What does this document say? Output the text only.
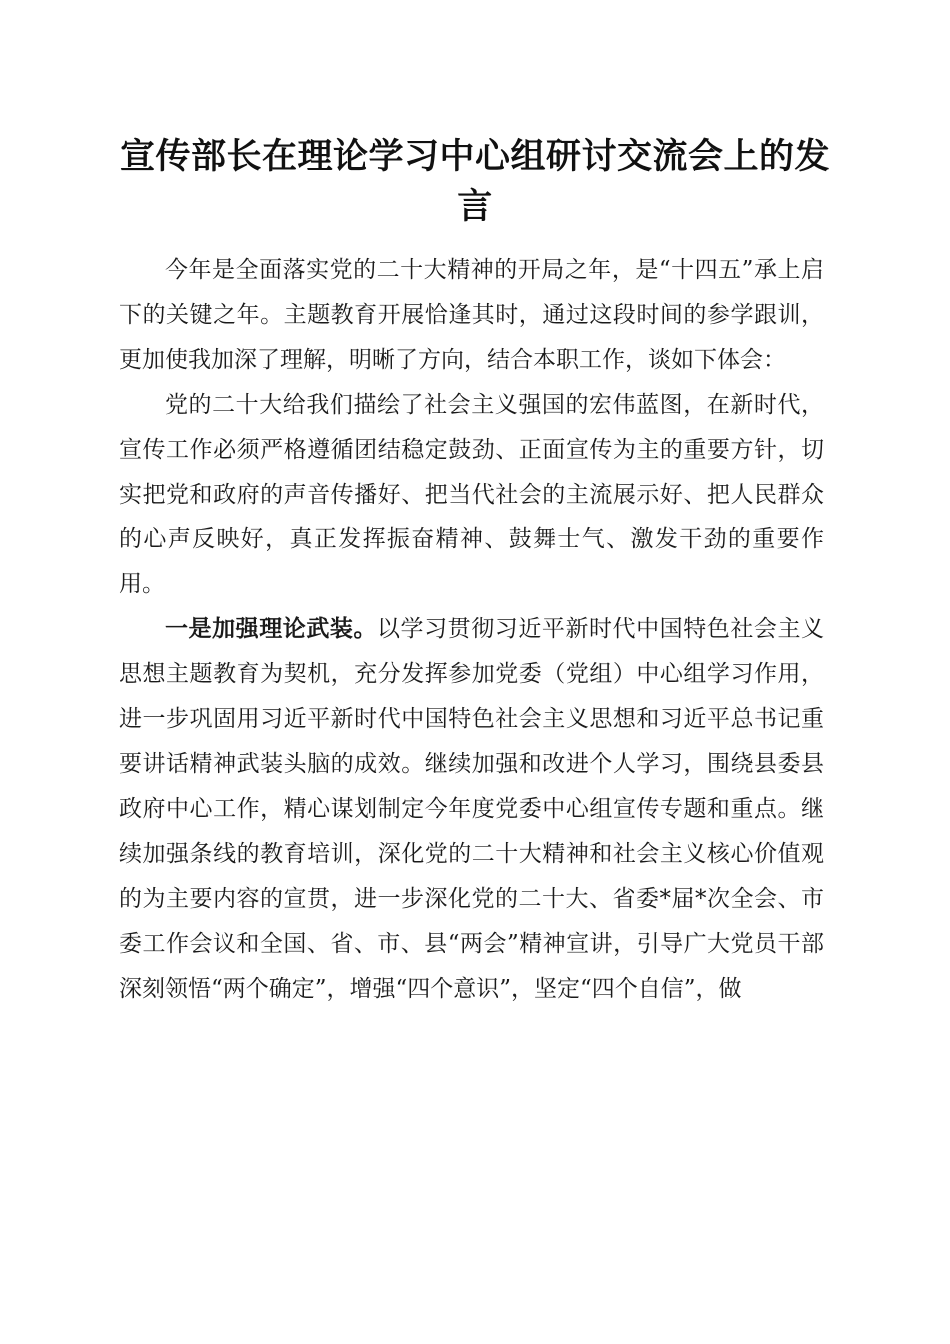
宣传部长在理论学习中心组研讨交流会上的发言

今年是全面落实党的二十大精神的开局之年，是“十四五”承上启下的关键之年。主题教育开展恰逢其时，通过这段时间的参学跟训，更加使我加深了理解，明晰了方向，结合本职工作，谈如下体会：

党的二十大给我们描绘了社会主义强国的宏伟蓝图，在新时代，宣传工作必须严格遵循团结稳定鼓劲、正面宣传为主的重要方针，切实把党和政府的声音传播好、把当代社会的主流展示好、把人民群众的心声反映好，真正发挥振奋精神、鼓舞士气、激发干劲的重要作用。

一是加强理论武装。以学习贯彻习近平新时代中国特色社会主义思想主题教育为契机，充分发挥参加党委（党组）中心组学习作用，进一步巩固用习近平新时代中国特色社会主义思想和习近平总书记重要讲话精神武装头脑的成效。继续加强和改进个人学习，围绕县委县政府中心工作，精心谋划制定今年度党委中心组宣传专题和重点。继续加强条线的教育培训，深化党的二十大精神和社会主义核心价值观的为主要内容的宣贯，进一步深化党的二十大、省委*届*次全会、市委工作会议和全国、省、市、县“两会”精神宣讲，引导广大党员干部深刻领悟“两个确定”，增强“四个意识”，坚定“四个自信”，做
